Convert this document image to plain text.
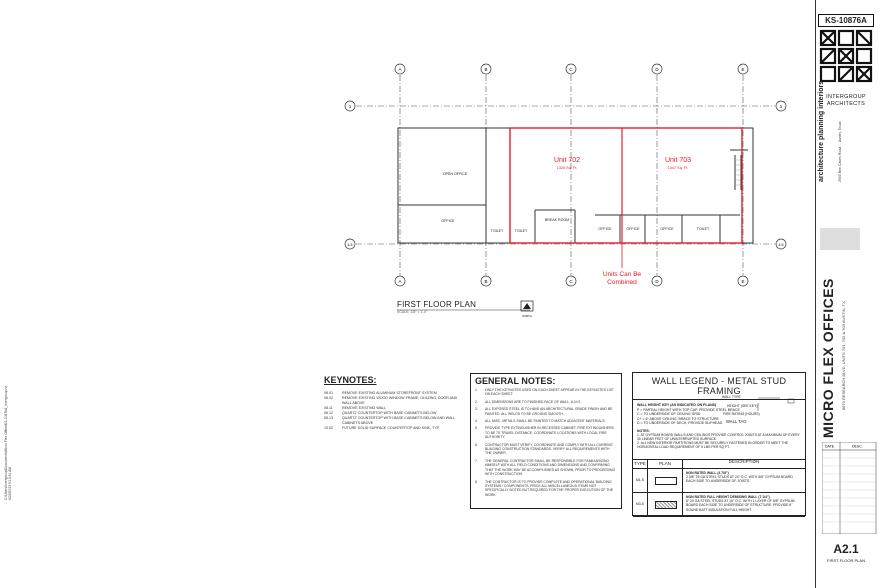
A	B	C	D	E
A	B	C	D	E
1	1
4.5	4.5
OPEN OFFICE
OFFICE	BREAK ROOM
TOILET	TOILET	OFFICE	OFFICE	OFFICE	TOILET
Unit 702
1325 Sq. Ft.
Unit 703
1347 Sq. Ft.
Units Can Be
Combined
NORTH
FIRST FLOOR PLAN
SCALE: 1/8" = 1'-0"
KEYNOTES:
08.01	REMOVE EXISTING ALUMINUM STOREFRONT SYSTEM
08.02	REMOVE EXISTING WOOD WINDOW FRAME, GLAZING, DOOR AND WALL ABOVE
08.11	REMOVE EXISTING WALL
08.12	QUARTZ COUNTERTOP WITH BASE CABINETS BELOW
08.13	QUARTZ COUNTERTOP WITH BASE CABINETS BELOW AND WALL CABINETS ABOVE
10.02	FUTURE SOLID SURFACE COUNTERTOP AND SINK, TYP.
GENERAL NOTES:
1.	ONLY THE KEYNOTES USED ON EACH SHEET APPEAR IN THE KEYNOTES LIST ON EACH SHEET.
2.	ALL DIMENSIONS ARE TO FINISHED FACE OF WALL, U.N.O.
3.	ALL EXPOSED STEEL IS TO HAVE AN ARCHITECTURAL GRADE FINISH AND BE PAINTED. ALL WELDS TO BE GROUND SMOOTH.
4.	ALL MISC. METALS SHALL BE PAINTED TO MATCH ADJACENT MATERIALS.
5.	PROVIDE TYPE EXTINGUISHER IN RECESSED CABINET. FIRE EXTINGUISHERS TO BE 75' TRAVEL DISTANCE, COORDINATE LOCATIONS WITH LOCAL FIRE AUTHORITY.
6.	CONTRACTOR MUST VERIFY, COORDINATE AND COMPLY WITH ALL CURRENT BUILDING CONSTRUCTION STANDARDS. VERIFY ALL REQUIREMENTS WITH THE OWNER.
7.	THE GENERAL CONTRACTOR SHALL BE RESPONSIBLE FOR FAMILIARIZING HIMSELF WITH ALL FIELD CONDITIONS AND DIMENSIONS AND CONFIRMING THAT THE WORK MAY BE ACCOMPLISHED AS SHOWN, PRIOR TO PROCEEDING WITH CONSTRUCTION.
8.	THE CONTRACTOR IS TO PROVIDE COMPLETE AND OPERATIONAL BUILDING SYSTEMS / COMPONENTS. PRICE ALL MISCELLANEOUS ITEMS NOT SPECIFICALLY NOTED BUT REQUIRED FOR THE PROPER EXECUTION OF THE WORK.
WALL LEGEND - METAL STUD FRAMING
WALL HEIGHT KEY (AS INDICATED ON PLANS)
P = PARTIAL HEIGHT WITH TOP CAP. PROVIDE STEEL BRACE
C = TO UNDERSIDE OF CEILING GRID
C+ = 6" ABOVE CEILING, BRACE TO STRUCTURE
D = TO UNDERSIDE OF DECK, PROVIDE SLIPHEAD
NOTES:
1. AT GYPSUM BOARD WALLS AND CEILINGS PROVIDE CONTROL JOINTS AT A MAXIMUM OF EVERY 30 LINEAR FEET OF UNINTERRUPTED SURFACE.
2. ALL NEW INTERIOR PARTITIONS MUST BE SECURELY FASTENED IN ORDER TO MEET THE HORIZONTAL LOAD REQUIREMENT OF 5 LBS PER SQ FT.
TYPE	PLAN	DESCRIPTION
M1-S
NON RATED WALL (4 7/8")
2 5/8" 25 GA STEEL STUDS AT 24" O.C. WITH 5/8" GYPSUM BOARD EACH SIDE TO UNDERSIDE OF JOISTS.
M3-S
NON RATED FULL HEIGHT DEMISING WALL (7 1/4")
6" 20 GA STEEL STUDS AT 16" O.C. WITH 1 LAYER OF 5/8" GYPSUM BOARD EACH SIDE TO UNDERSIDE OF STRUCTURE. PROVIDE 6" SOUND BATT INSULATION FULL HEIGHT.
WALL TYPE
HEIGHT (SEE KEY)
FIRE RATING (HOURS)
WALL TAG
C:\Users\Intergroup\Documents\Micro Flex Office\KS-10876A_Intergroup.rvt 6/22/2023 9:13:51 AM
KS-10876A
INTERGROUP
ARCHITECTS
architecture planning interiors	2600 Bee Caves Road ... Austin, Texas
MICRO FLEX OFFICES 8870 RESEARCH BLVD, UNITS 701, 702 & 703 AUSTIN, TX
DATE	DESC.
A2.1
FIRST FLOOR PLAN
